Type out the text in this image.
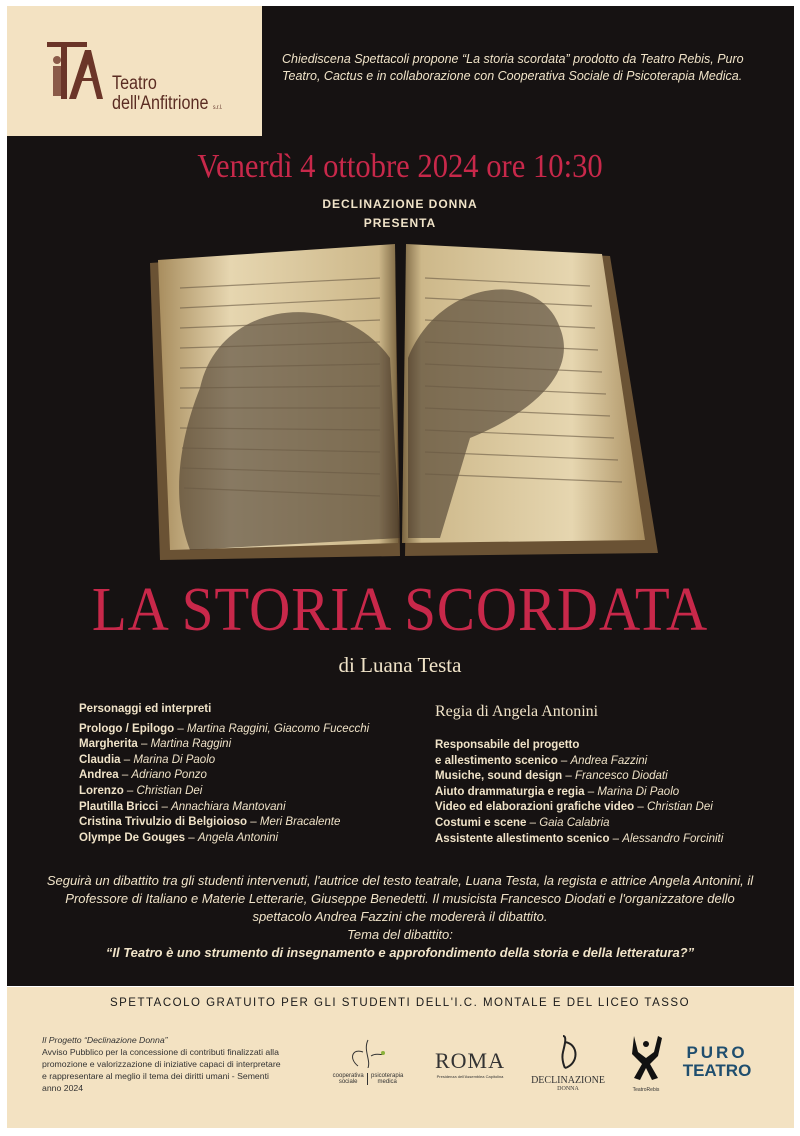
Teatro
dell'Anfitrione s.r.l.
Chiediscena Spettacoli propone “La storia scordata” prodotto da Teatro Rebis, Puro Teatro, Cactus e in collaborazione con Cooperativa Sociale di Psicoterapia Medica.
Venerdì 4 ottobre 2024 ore 10:30
DECLINAZIONE DONNA
PRESENTA
LA STORIA SCORDATA
di Luana Testa
Personaggi ed interpreti
Prologo / Epilogo – Martina Raggini, Giacomo Fucecchi
Margherita – Martina Raggini
Claudia – Marina Di Paolo
Andrea – Adriano Ponzo
Lorenzo – Christian Dei
Plautilla Bricci – Annachiara Mantovani
Cristina Trivulzio di Belgioioso – Meri Bracalente
Olympe De Gouges – Angela Antonini
Regia di Angela Antonini
Responsabile del progetto
e allestimento scenico – Andrea Fazzini
Musiche, sound design – Francesco Diodati
Aiuto drammaturgia e regia – Marina Di Paolo
Video ed elaborazioni grafiche video – Christian Dei
Costumi e scene – Gaia Calabria
Assistente allestimento scenico – Alessandro Forciniti
Seguirà un dibattito tra gli studenti intervenuti, l'autrice del testo teatrale, Luana Testa, la regista e attrice Angela Antonini, il Professore di Italiano e Materie Letterarie, Giuseppe Benedetti. Il musicista Francesco Diodati e l'organizzatore dello spettacolo Andrea Fazzini che modererà il dibattito.
Tema del dibattito:
“Il Teatro è uno strumento di insegnamento e approfondimento della storia e della letteratura?”
SPETTACOLO GRATUITO PER GLI STUDENTI DELL'I.C. MONTALE E DEL LICEO TASSO
Il Progetto “Declinazione Donna”
Avviso Pubblico per la concessione di contributi finalizzati alla promozione e valorizzazione di iniziative capaci di interpretare e rappresentare al meglio il tema dei diritti umani - Sementi anno 2024
cooperativa sociale
psicoterapia medica
ROMA
Presidenza dell'Assemblea Capitolina	DECLINAZIONE
DONNA	TeatroRebis
PURO
TEATRO
